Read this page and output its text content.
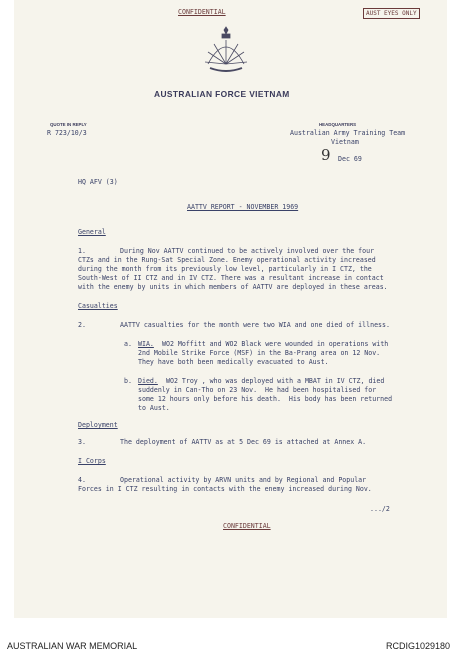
CONFIDENTIAL	AUST EYES ONLY
AUSTRALIAN FORCE VIETNAM
QUOTE IN REPLY
R 723/10/3
HEADQUARTERS
Australian Army Training Team
Vietnam
9 Dec 69
HQ AFV (3)
AATTV REPORT - NOVEMBER 1969
General
1.	During Nov AATTV continued to be actively involved over the four
CTZs and in the Rung-Sat Special Zone. Enemy operational activity increased
during the month from its previously low level, particularly in I CTZ, the
South-West of II CTZ and in IV CTZ. There was a resultant increase in contact
with the enemy by units in which members of AATTV are deployed in these areas.
Casualties
2.	AATTV casualties for the month were two WIA and one died of illness.
a. WIA. WO2 Moffitt and WO2 Black were wounded in operations with
2nd Mobile Strike Force (MSF) in the Ba-Prang area on 12 Nov.
They have both been medically evacuated to Aust.
b. Died. WO2 Troy , who was deployed with a MBAT in IV CTZ, died
suddenly in Can-Tho on 23 Nov.  He had been hospitalised for
some 12 hours only before his death.  His body has been returned
to Aust.
Deployment
3.	The deployment of AATTV as at 5 Dec 69 is attached at Annex A.
I Corps
4.	Operational activity by ARVN units and by Regional and Popular
Forces in I CTZ resulting in contacts with the enemy increased during Nov.
.../2
CONFIDENTIAL
AUSTRALIAN WAR MEMORIAL	RCDIG1029180
